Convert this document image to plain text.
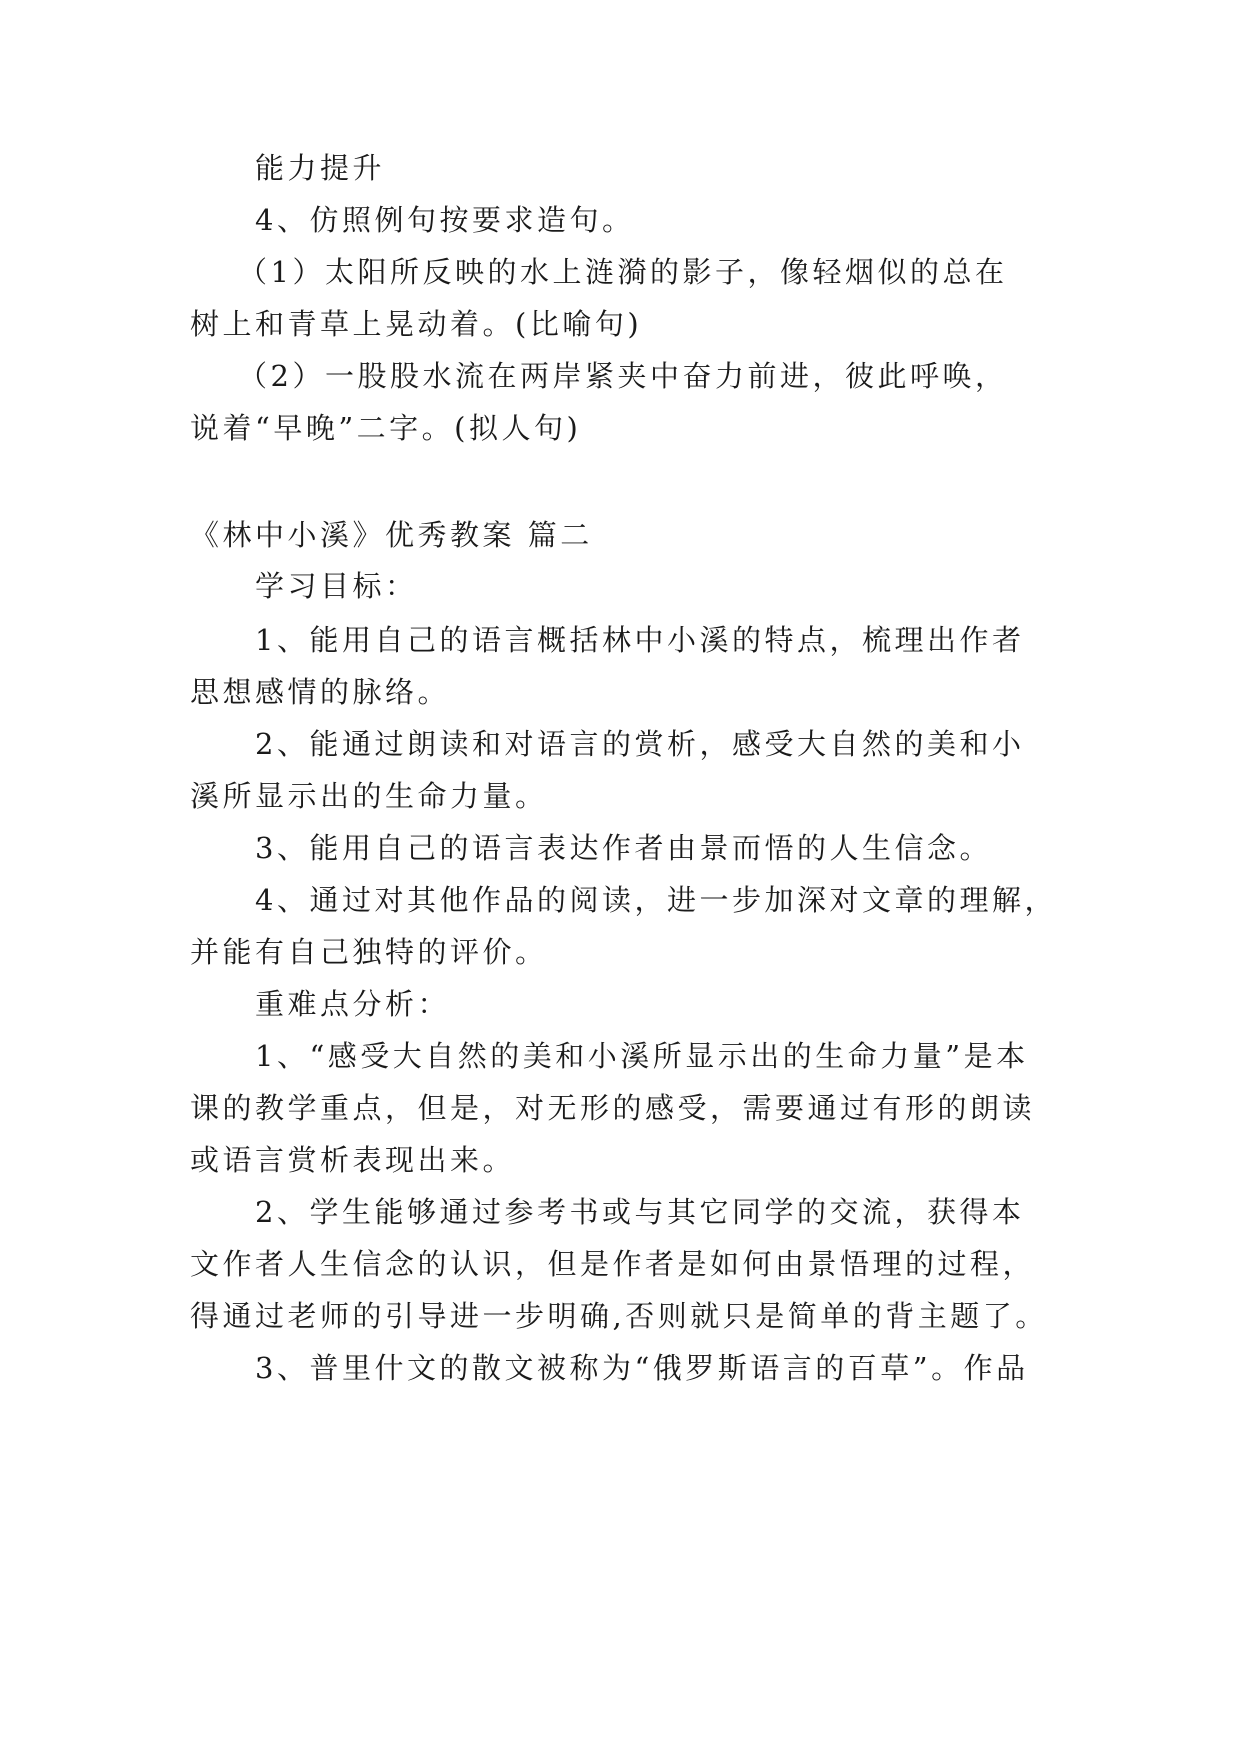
能力提升
4、仿照例句按要求造句。
（1）太阳所反映的水上涟漪的影子，像轻烟似的总在
树上和青草上晃动着。(比喻句)
（2）一股股水流在两岸紧夹中奋力前进，彼此呼唤，
说着“早晚”二字。(拟人句)
《林中小溪》优秀教案 篇二
学习目标：
1、能用自己的语言概括林中小溪的特点，梳理出作者
思想感情的脉络。
2、能通过朗读和对语言的赏析，感受大自然的美和小
溪所显示出的生命力量。
3、能用自己的语言表达作者由景而悟的人生信念。
4、通过对其他作品的阅读，进一步加深对文章的理解，
并能有自己独特的评价。
重难点分析：
1、“感受大自然的美和小溪所显示出的生命力量”是本
课的教学重点，但是，对无形的感受，需要通过有形的朗读
或语言赏析表现出来。
2、学生能够通过参考书或与其它同学的交流，获得本
文作者人生信念的认识，但是作者是如何由景悟理的过程，
得通过老师的引导进一步明确,否则就只是简单的背主题了。
3、普里什文的散文被称为“俄罗斯语言的百草”。作品
